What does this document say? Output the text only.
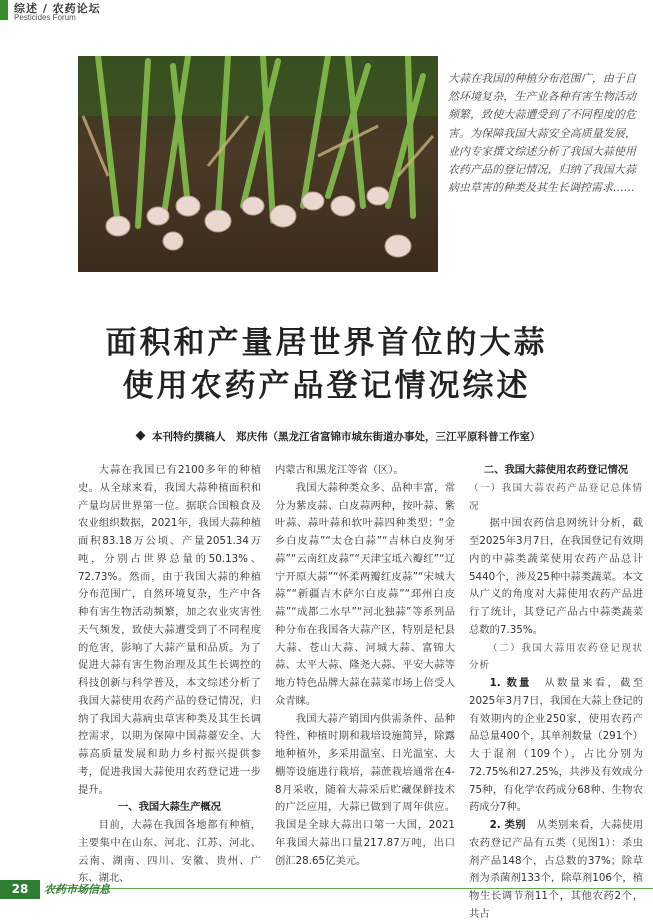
综述 / 农药论坛
Pesticides Forum
大蒜在我国的种植分布范围广，由于自然环境复杂，生产业各种有害生物活动频繁，致使大蒜遭受到了不同程度的危害。为保障我国大蒜安全高质量发展，业内专家撰文综述分析了我国大蒜使用农药产品的登记情况，归纳了我国大蒜病虫草害的种类及其生长调控需求……
面积和产量居世界首位的大蒜
使用农药产品登记情况综述
本刊特约撰稿人　郑庆伟（黑龙江省富锦市城东街道办事处，三江平原科普工作室）

大蒜在我国已有2100多年的种植史。从全球来看，我国大蒜种植面积和产量均居世界第一位。据联合国粮食及农业组织数据，2021年，我国大蒜种植面积83.18万公顷、产量2051.34万吨，分别占世界总量的50.13%、72.73%。然而，由于我国大蒜的种植分布范围广，自然环境复杂，生产中各种有害生物活动频繁，加之农业灾害性天气频发，致使大蒜遭受到了不同程度的危害，影响了大蒜产量和品质。为了促进大蒜有害生物治理及其生长调控的科技创新与科学普及，本文综述分析了我国大蒜使用农药产品的登记情况，归纳了我国大蒜病虫草害种类及其生长调控需求，以期为保障中国蒜薹安全、大蒜高质量发展和助力乡村振兴提供参考，促进我国大蒜使用农药登记进一步提升。

一、我国大蒜生产概况

目前，大蒜在我国各地都有种植，主要集中在山东、河北、江苏、河北、云南、湖南、四川、安徽、贵州、广东、湖北、

内蒙古和黑龙江等省（区）。

我国大蒜种类众多、品种丰富，常分为紫皮蒜、白皮蒜两种，按叶蒜、紫叶蒜、蒜叶蒜和软叶蒜四种类型；“金乡白皮蒜”“太仓白蒜”“吉林白皮狗牙蒜”“云南红皮蒜”“天津宝坻六瓣红”“辽宁开原大蒜”“怀柔两瓣红皮蒜”“宋城大蒜”“新疆吉木萨尔白皮蒜”“邳州白皮蒜”“成都二水早”“河北独蒜”等系列品种分布在我国各大蒜产区，特别是杞县大蒜、苍山大蒜、河城大蒜、富锦大蒜、太平大蒜、隆尧大蒜、平安大蒜等地方特色品牌大蒜在蒜菜市场上倍受人众青睐。

我国大蒜产销国内供需条件、品种特性、种植时期和栽培设施简异，除露地种植外，多采用温室、日光温室、大棚等设施进行栽培，蒜蔗栽培通常在4-8月采收，随着大蒜采后贮藏保鲜技术的广泛应用，大蒜已做到了周年供应。我国是全球大蒜出口第一大国，2021年我国大蒜出口量217.87万吨，出口创汇28.65亿美元。

二、我国大蒜使用农药登记情况
（一）我国大蒜农药产品登记总体情况

据中国农药信息网统计分析，截至2025年3月7日，在我国登记有效期内的中蒜类蔬菜使用农药产品总计5440个，涉及25种中蒜类蔬菜。本文从广义的角度对大蒜使用农药产品进行了统计，其登记产品占中蒜类蔬菜总数的7.35%。

（二）我国大蒜用农药登记现状分析

1. 数量　 从数量来看，截至2025年3月7日，我国在大蒜上登记的有效期内的企业250家，使用农药产品总量400个，其单剂数量（291个）大于混剂（109个），占比分别为72.75%和27.25%，共涉及有效成分75种，有化学农药成分68种、生物农药成分7种。

2. 类别　 从类别来看，大蒜使用农药登记产品有五类（见图1）：杀虫剂产品148个，占总数的37%；除草剂为杀菌剂133个，除草剂106个，植物生长调节剂11个，其他农药2个，共占

28	农药市场信息
